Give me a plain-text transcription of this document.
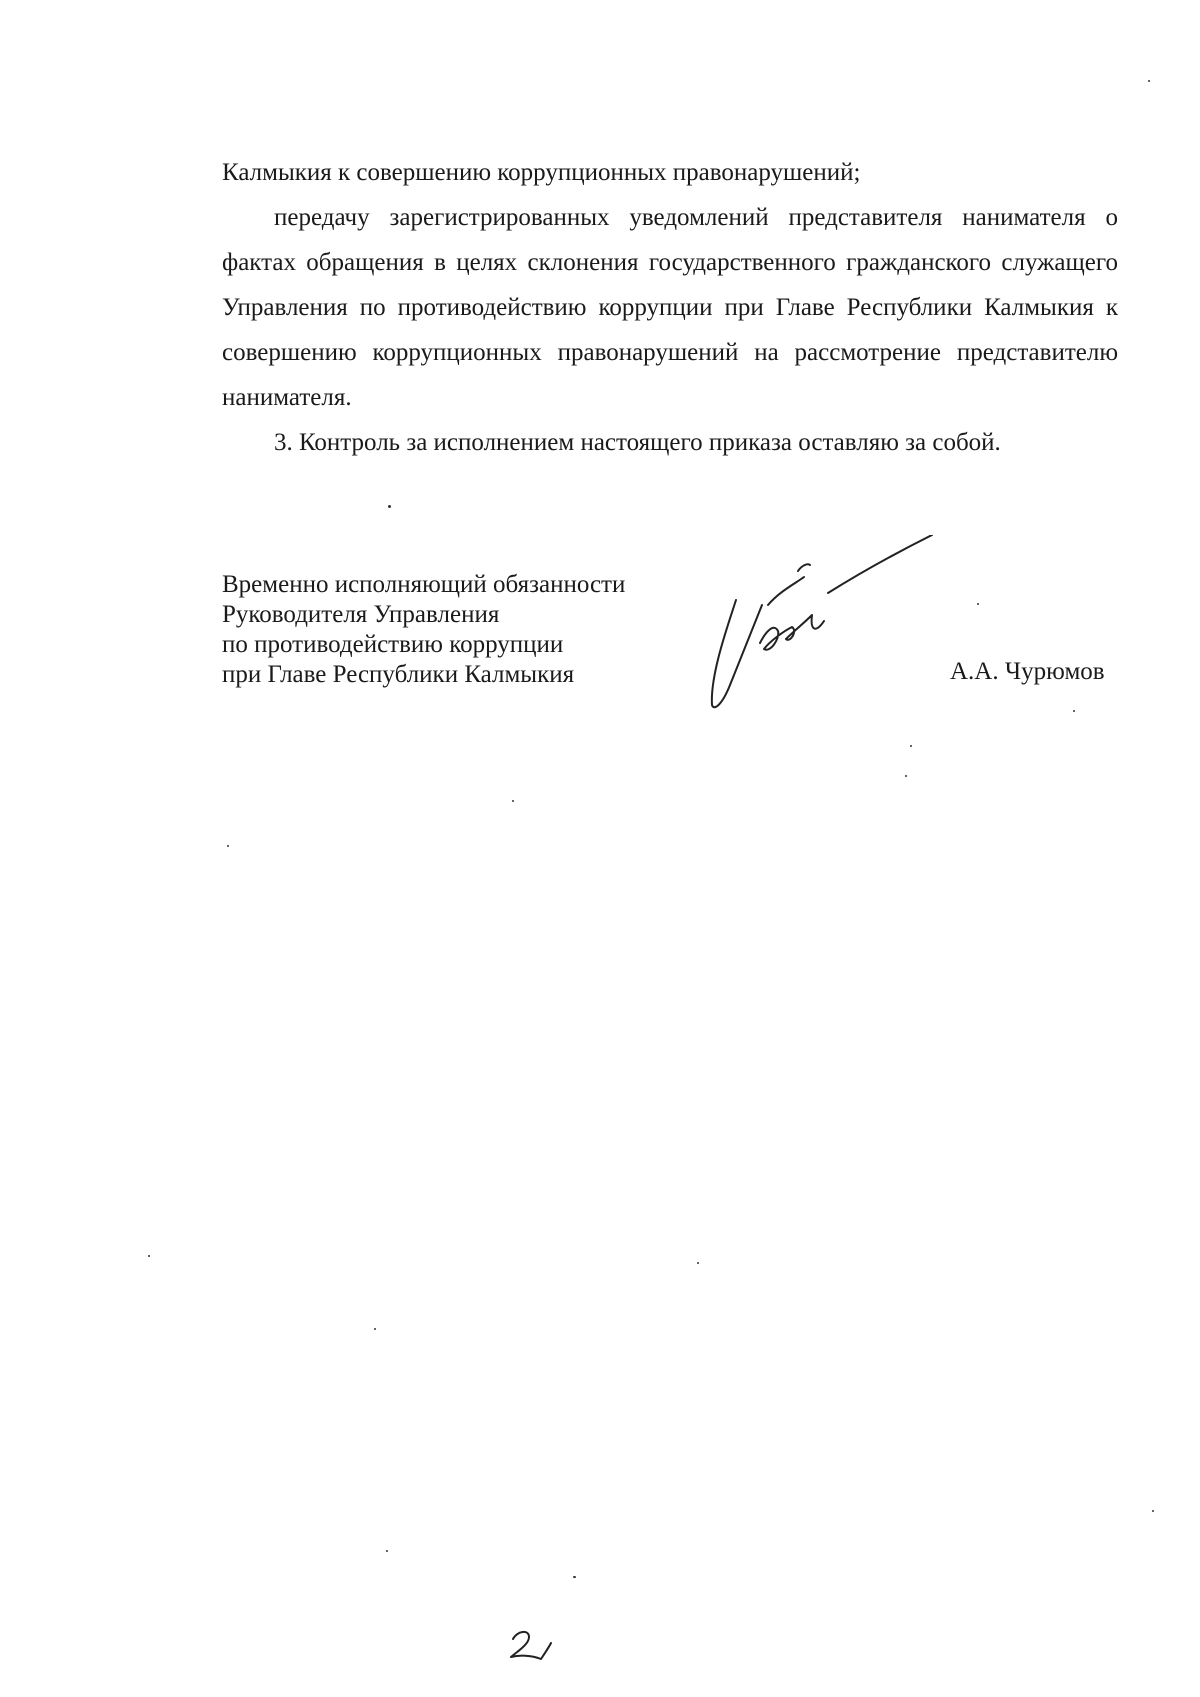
Калмыкия к совершению коррупционных правонарушений;

передачу зарегистрированных уведомлений представителя нанимателя о фактах обращения в целях склонения государственного гражданского служащего Управления по противодействию коррупции при Главе Республики Калмыкия к совершению коррупционных правонарушений на рассмотрение представителю нанимателя.

3. Контроль за исполнением настоящего приказа оставляю за собой.

Временно исполняющий обязанности
Руководителя Управления
по противодействию коррупции
при Главе Республики Калмыкия	А.А. Чурюмов
